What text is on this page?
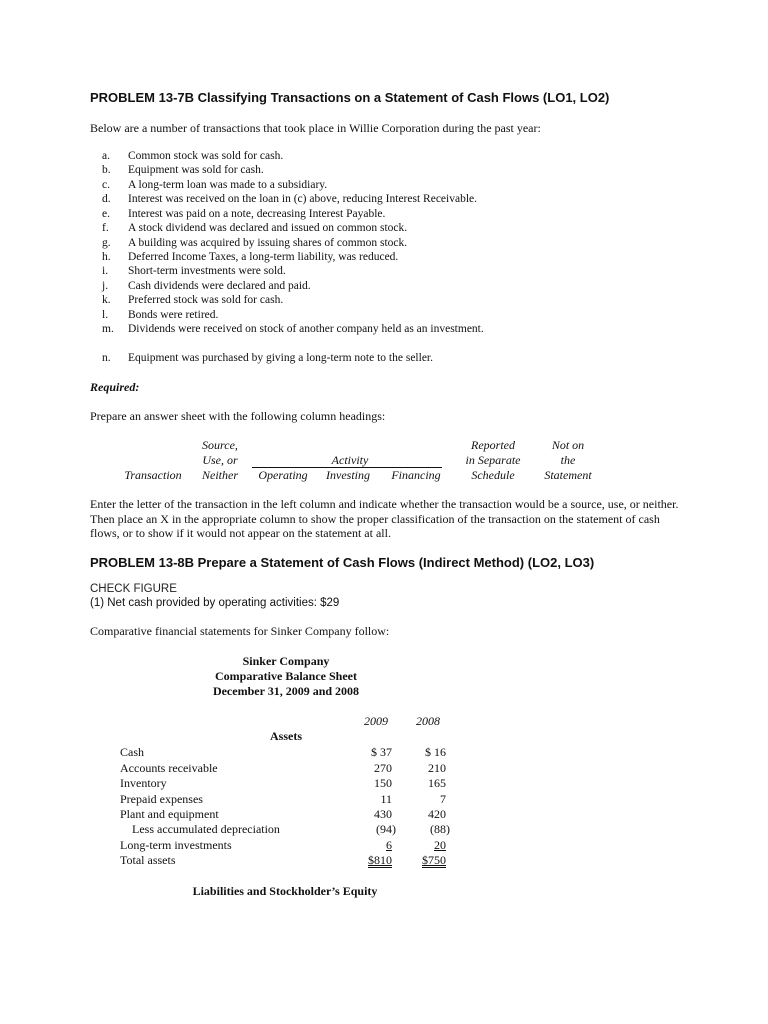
PROBLEM 13-7B Classifying Transactions on a Statement of Cash Flows (LO1, LO2)
Below are a number of transactions that took place in Willie Corporation during the past year:
a. Common stock was sold for cash.
b. Equipment was sold for cash.
c. A long-term loan was made to a subsidiary.
d. Interest was received on the loan in (c) above, reducing Interest Receivable.
e. Interest was paid on a note, decreasing Interest Payable.
f. A stock dividend was declared and issued on common stock.
g. A building was acquired by issuing shares of common stock.
h. Deferred Income Taxes, a long-term liability, was reduced.
i. Short-term investments were sold.
j. Cash dividends were declared and paid.
k. Preferred stock was sold for cash.
l. Bonds were retired.
m. Dividends were received on stock of another company held as an investment.
n. Equipment was purchased by giving a long-term note to the seller.
Required:
Prepare an answer sheet with the following column headings:
Transaction
Source,
Use, or
Neither
Activity
Operating	Investing	Financing
Reported
in Separate
Schedule
Not on
the
Statement
Enter the letter of the transaction in the left column and indicate whether the transaction would be a source, use, or neither. Then place an X in the appropriate column to show the proper classification of the transaction on the statement of cash flows, or to show if it would not appear on the statement at all.
PROBLEM 13-8B Prepare a Statement of Cash Flows (Indirect Method) (LO2, LO3)
CHECK FIGURE
(1) Net cash provided by operating activities: $29
Comparative financial statements for Sinker Company follow:
Sinker Company
Comparative Balance Sheet
December 31, 2009 and 2008
2009	2008
Assets
Cash	$ 37	$ 16
Accounts receivable	270	210
Inventory	150	165
Prepaid expenses	11	7
Plant and equipment	430	420
Less accumulated depreciation	(94)	(88)
Long-term investments	6	20
Total assets	$810	$750
Liabilities and Stockholder’s Equity
